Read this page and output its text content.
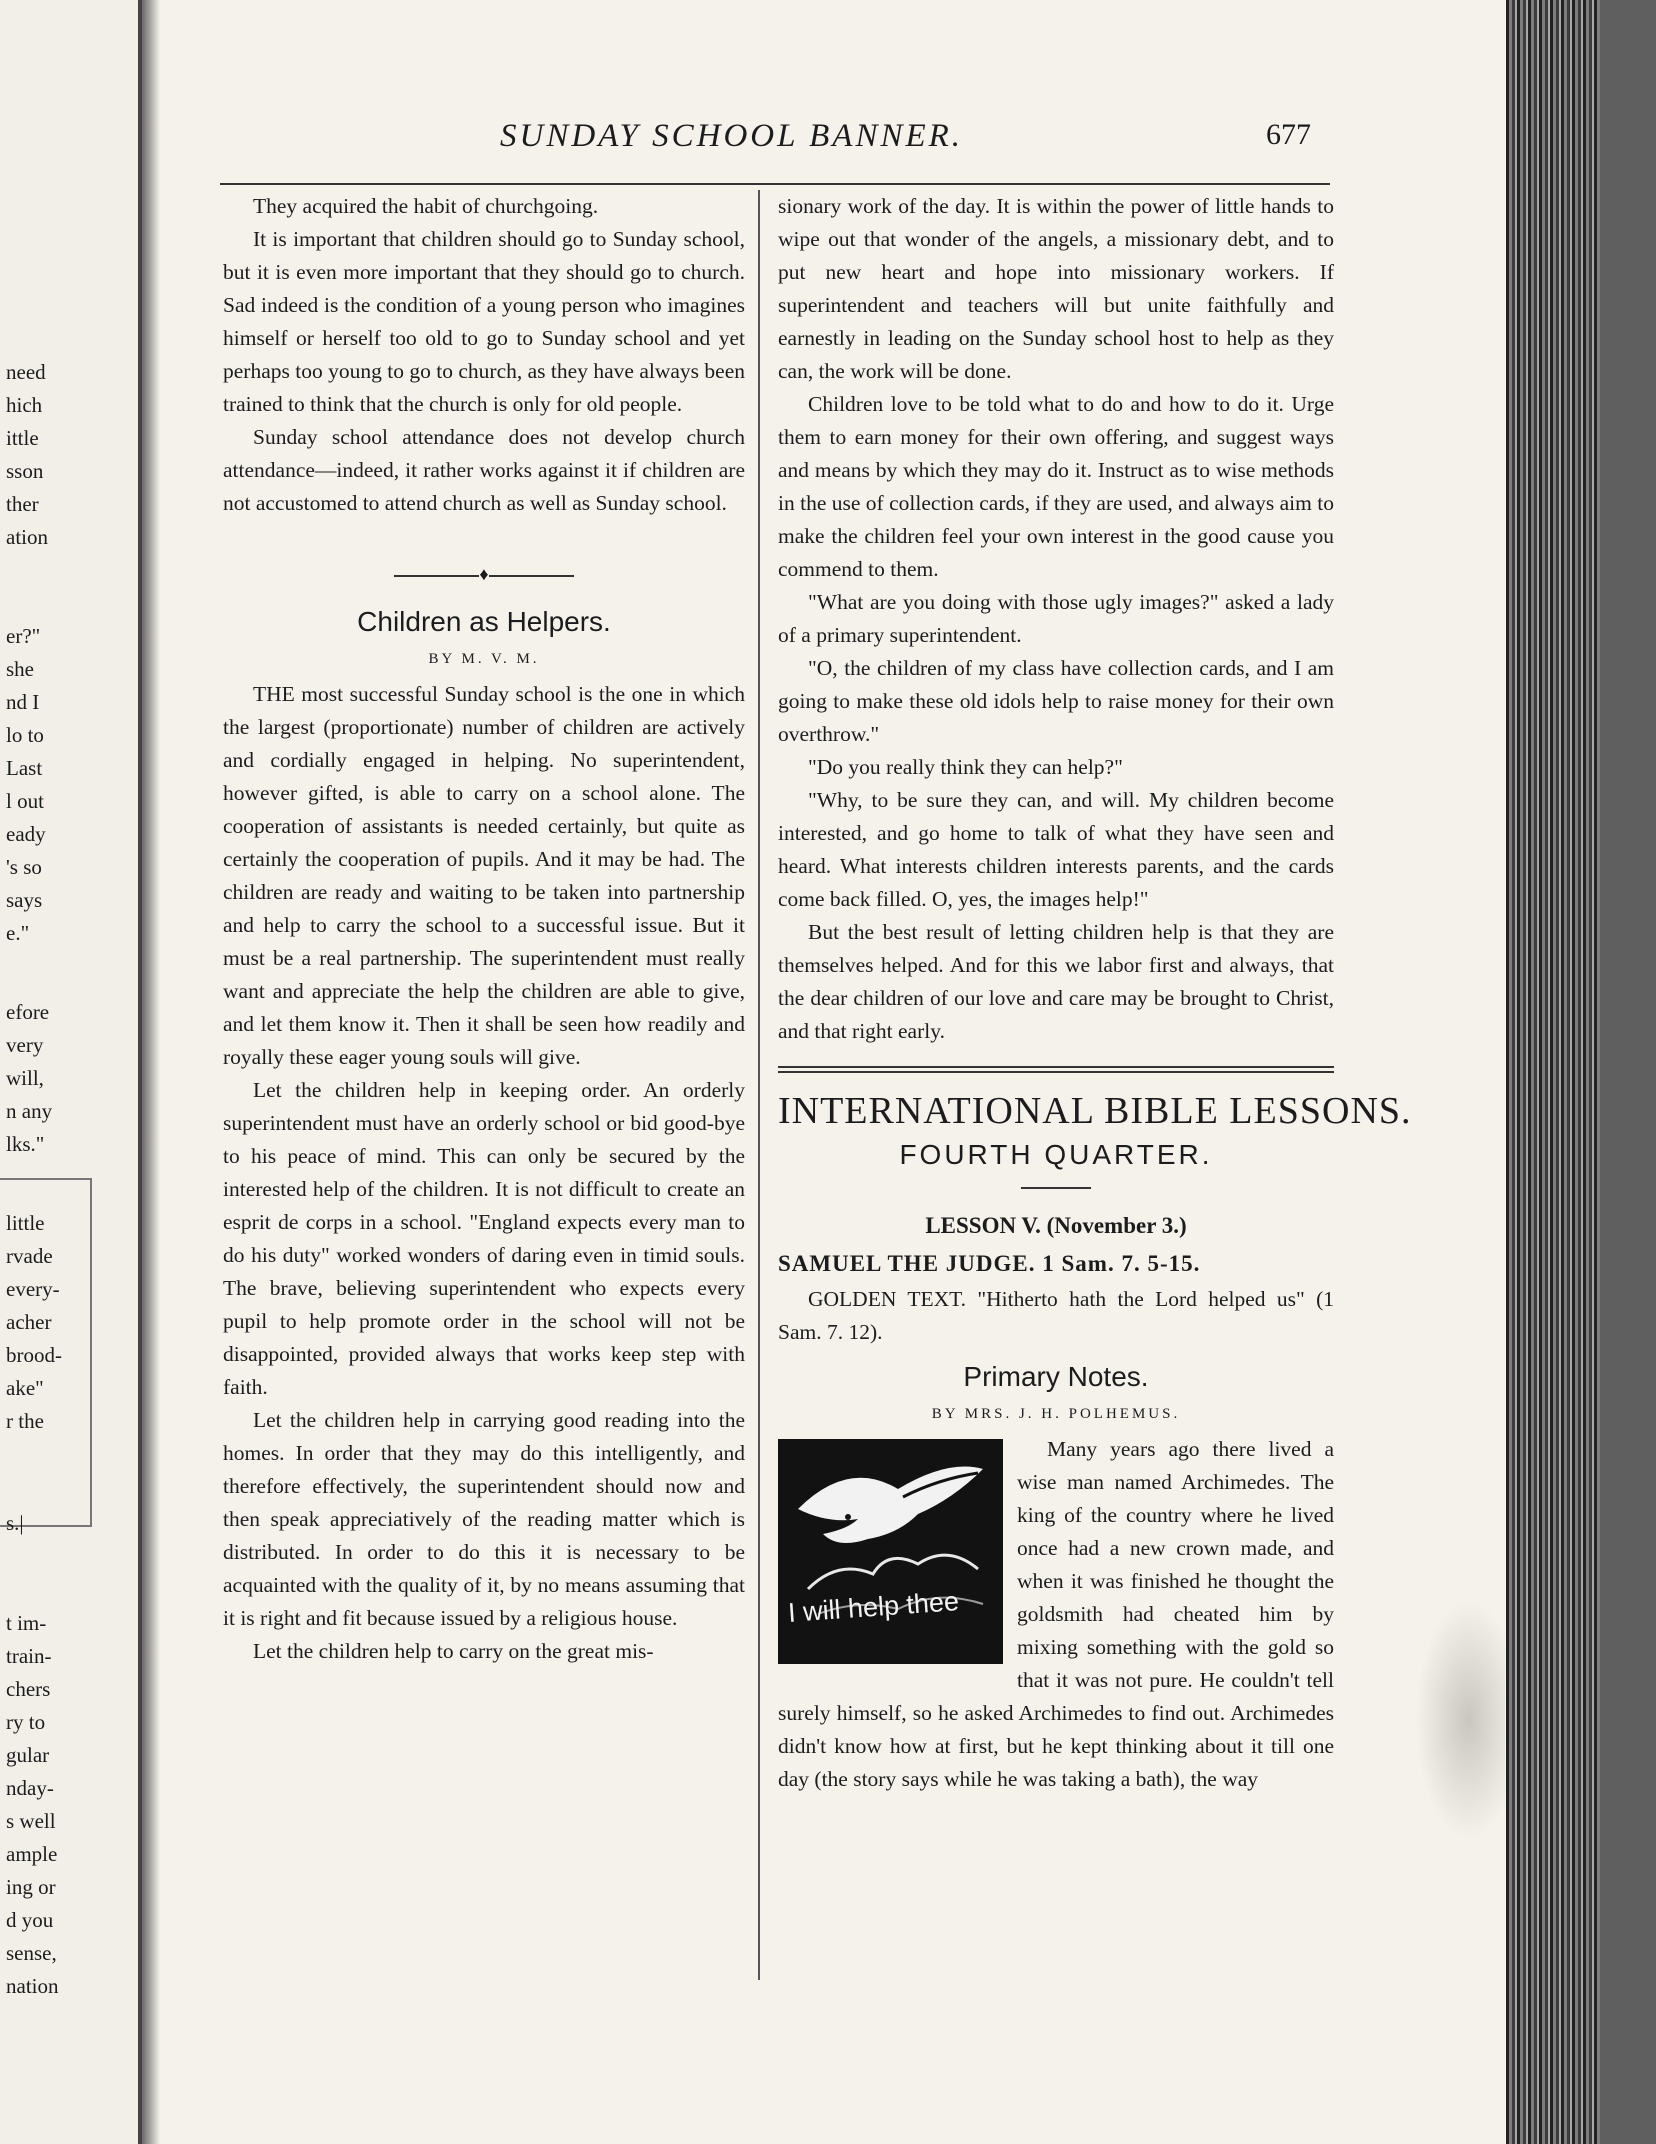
need
hich
ittle
sson
ther
ation
er?"
she
nd I
lo to
Last
l out
eady
's so
says
e."
efore
very
will,
n any
lks."
little
rvade
every-
acher
brood-
ake"
r the
s.|
t im-
train-
chers
ry to
gular
nday-
s well
ample
ing or
d you
sense,
nation
SUNDAY SCHOOL BANNER.	677

They acquired the habit of churchgoing.

It is important that children should go to Sunday school, but it is even more important that they should go to church. Sad indeed is the condition of a young person who imagines himself or herself too old to go to Sunday school and yet perhaps too young to go to church, as they have always been trained to think that the church is only for old people.

Sunday school attendance does not develop church attendance—indeed, it rather works against it if children are not accustomed to attend church as well as Sunday school.

♦
Children as Helpers.
BY M. V. M.

THE most successful Sunday school is the one in which the largest (proportionate) number of children are actively and cordially engaged in helping. No superintendent, however gifted, is able to carry on a school alone. The cooperation of assistants is needed certainly, but quite as certainly the cooperation of pupils. And it may be had. The children are ready and waiting to be taken into partnership and help to carry the school to a successful issue. But it must be a real partnership. The superintendent must really want and appreciate the help the children are able to give, and let them know it. Then it shall be seen how readily and royally these eager young souls will give.

Let the children help in keeping order. An orderly superintendent must have an orderly school or bid good-bye to his peace of mind. This can only be secured by the interested help of the children. It is not difficult to create an esprit de corps in a school. "England expects every man to do his duty" worked wonders of daring even in timid souls. The brave, believing superintendent who expects every pupil to help promote order in the school will not be disappointed, provided always that works keep step with faith.

Let the children help in carrying good reading into the homes. In order that they may do this intelligently, and therefore effectively, the superintendent should now and then speak appreciatively of the reading matter which is distributed. In order to do this it is necessary to be acquainted with the quality of it, by no means assuming that it is right and fit because issued by a religious house.

Let the children help to carry on the great mis-

sionary work of the day. It is within the power of little hands to wipe out that wonder of the angels, a missionary debt, and to put new heart and hope into missionary workers. If superintendent and teachers will but unite faithfully and earnestly in leading on the Sunday school host to help as they can, the work will be done.

Children love to be told what to do and how to do it. Urge them to earn money for their own offering, and suggest ways and means by which they may do it. Instruct as to wise methods in the use of collection cards, if they are used, and always aim to make the children feel your own interest in the good cause you commend to them.

"What are you doing with those ugly images?" asked a lady of a primary superintendent.

"O, the children of my class have collection cards, and I am going to make these old idols help to raise money for their own overthrow."

"Do you really think they can help?"

"Why, to be sure they can, and will. My children become interested, and go home to talk of what they have seen and heard. What interests children interests parents, and the cards come back filled. O, yes, the images help!"

But the best result of letting children help is that they are themselves helped. And for this we labor first and always, that the dear children of our love and care may be brought to Christ, and that right early.

INTERNATIONAL BIBLE LESSONS.
FOURTH QUARTER.
LESSON V. (November 3.)
SAMUEL THE JUDGE. 1 Sam. 7. 5-15.

GOLDEN TEXT. "Hitherto hath the Lord helped us" (1 Sam. 7. 12).

Primary Notes.
BY MRS. J. H. POLHEMUS.
I will help thee

Many years ago there lived a wise man named Archimedes. The king of the country where he lived once had a new crown made, and when it was finished he thought the goldsmith had cheated him by mixing something with the gold so that it was not pure. He couldn't tell surely himself, so he asked Archimedes to find out. Archimedes didn't know how at first, but he kept thinking about it till one day (the story says while he was taking a bath), the way
